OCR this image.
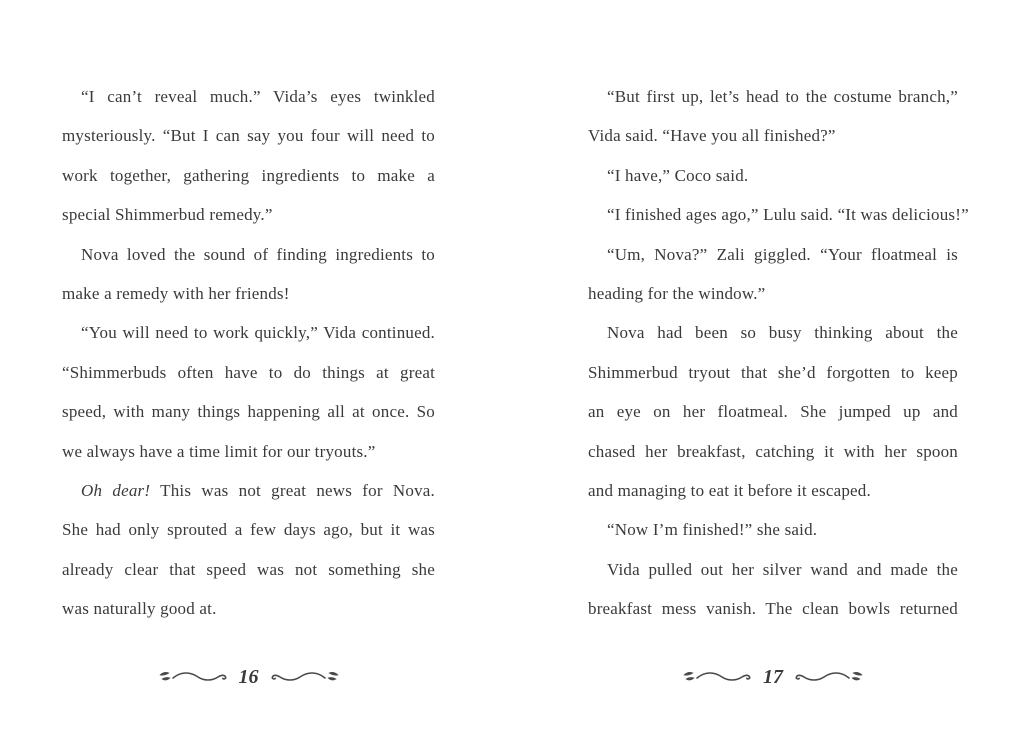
“I can’t reveal much.” Vida’s eyes twinkled
mysteriously. “But I can say you four will need to
work together, gathering ingredients to make a
special Shimmerbud remedy.”
Nova loved the sound of finding ingredients to
make a remedy with her friends!
“You will need to work quickly,” Vida continued.
“Shimmerbuds often have to do things at great
speed, with many things happening all at once. So
we always have a time limit for our tryouts.”
Oh dear! This was not great news for Nova.
She had only sprouted a few days ago, but it was
already clear that speed was not something she
was naturally good at.
“But first up, let’s head to the costume branch,”
Vida said. “Have you all finished?”
“I have,” Coco said.
“I finished ages ago,” Lulu said. “It was delicious!”
“Um, Nova?” Zali giggled. “Your floatmeal is
heading for the window.”
Nova had been so busy thinking about the
Shimmerbud tryout that she’d forgotten to keep
an eye on her floatmeal. She jumped up and
chased her breakfast, catching it with her spoon
and managing to eat it before it escaped.
“Now I’m finished!” she said.
Vida pulled out her silver wand and made the
breakfast mess vanish. The clean bowls returned
16	17
